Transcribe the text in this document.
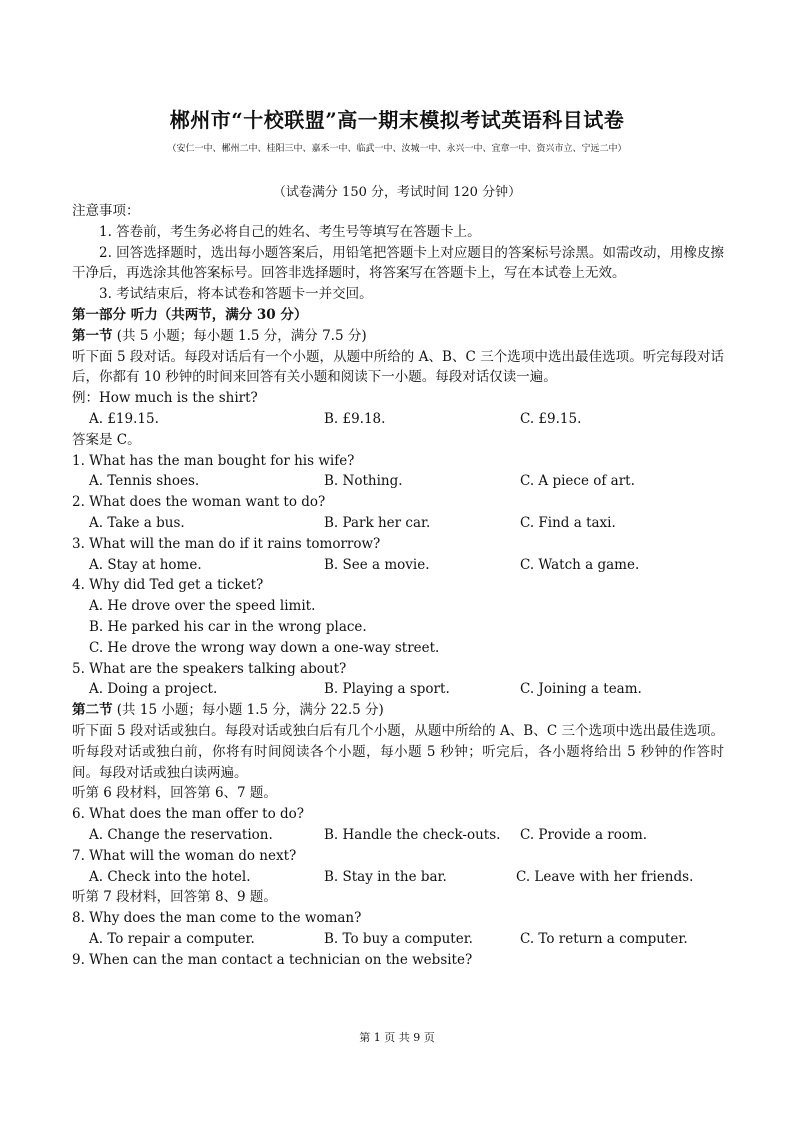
郴州市“十校联盟”高一期末模拟考试英语科目试卷
（安仁一中、郴州二中、桂阳三中、嘉禾一中、临武一中、汝城一中、永兴一中、宜章一中、资兴市立、宁远二中）
（试卷满分 150 分，考试时间 120 分钟）

注意事项：

1. 答卷前，考生务必将自己的姓名、考生号等填写在答题卡上。

2. 回答选择题时，选出每小题答案后，用铅笔把答题卡上对应题目的答案标号涂黑。如需改动，用橡皮擦干净后，再选涂其他答案标号。回答非选择题时，将答案写在答题卡上，写在本试卷上无效。

3. 考试结束后，将本试卷和答题卡一并交回。

第一部分 听力（共两节，满分 30 分）

第一节 (共 5 小题；每小题 1.5 分，满分 7.5 分)

听下面 5 段对话。每段对话后有一个小题，从题中所给的 A、B、C 三个选项中选出最佳选项。听完每段对话后，你都有 10 秒钟的时间来回答有关小题和阅读下一小题。每段对话仅读一遍。

例：How much is the shirt?

A. £19.15.	B. £9.18.	C. £9.15.

答案是 C。

1. What has the man bought for his wife?

A. Tennis shoes.	B. Nothing.	C. A piece of art.

2. What does the woman want to do?

A. Take a bus.	B. Park her car.	C. Find a taxi.

3. What will the man do if it rains tomorrow?

A. Stay at home.	B. See a movie.	C. Watch a game.

4. Why did Ted get a ticket?

A. He drove over the speed limit.

B. He parked his car in the wrong place.

C. He drove the wrong way down a one-way street.

5. What are the speakers talking about?

A. Doing a project.	B. Playing a sport.	C. Joining a team.

第二节 (共 15 小题；每小题 1.5 分，满分 22.5 分)

听下面 5 段对话或独白。每段对话或独白后有几个小题，从题中所给的 A、B、C 三个选项中选出最佳选项。听每段对话或独白前，你将有时间阅读各个小题，每小题 5 秒钟；听完后，各小题将给出 5 秒钟的作答时间。每段对话或独白读两遍。

听第 6 段材料，回答第 6、7 题。

6. What does the man offer to do?

A. Change the reservation.	B. Handle the check-outs. C. Provide a room.

7. What will the woman do next?

A. Check into the hotel.	B. Stay in the bar.	C. Leave with her friends.

听第 7 段材料，回答第 8、9 题。

8. Why does the man come to the woman?

A. To repair a computer.	B. To buy a computer.	C. To return a computer.

9. When can the man contact a technician on the website?

第 1 页 共 9 页
